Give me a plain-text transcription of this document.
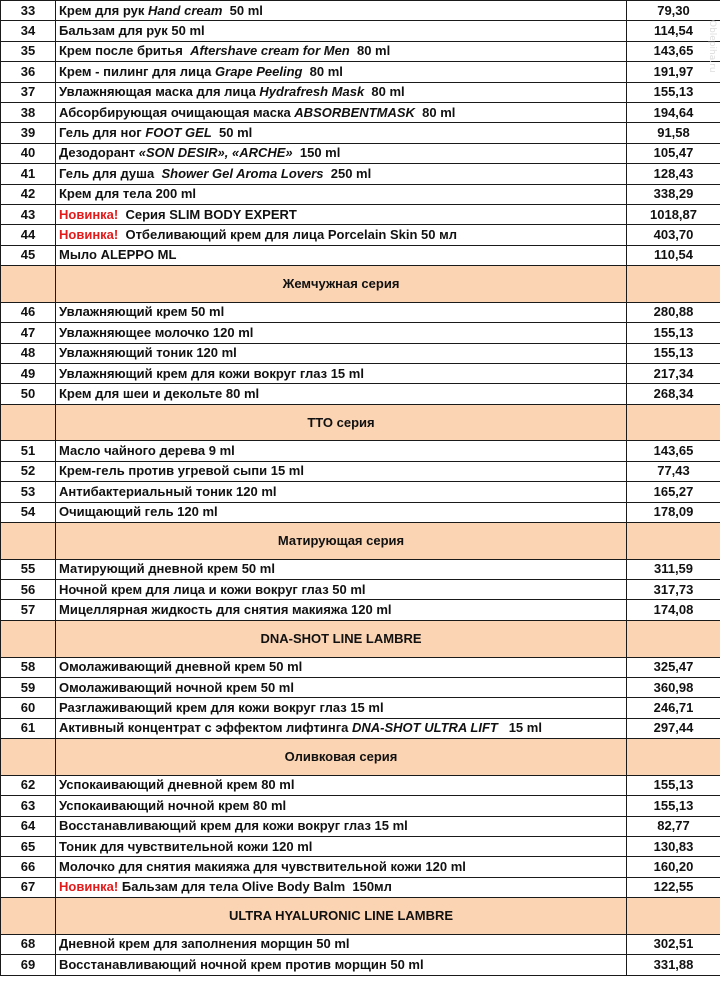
33	Крем для рук Hand cream  50 ml	79,30
34	Бальзам для рук 50 ml	114,54
35	Крем после бритья  Aftershave cream for Men  80 ml	143,65
36	Крем - пилинг для лица Grape Peeling  80 ml	191,97
37	Увлажняющая маска для лица Hydrafresh Mask  80 ml	155,13
38	Абсорбирующая очищающая маска ABSORBENTMASK  80 ml	194,64
39	Гель для ног FOOT GEL  50 ml	91,58
40	Дезодорант «SON DESIR», «ARCHE»  150 ml	105,47
41	Гель для душа  Shower Gel Aroma Lovers  250 ml	128,43
42	Крем для тела 200 ml	338,29
43	Новинка!  Серия SLIM BODY EXPERT	1018,87
44	Новинка!  Отбеливающий крем для лица Porcelain Skin 50 мл	403,70
45	Мыло ALEPPO ML	110,54
	Жемчужная серия	
46	Увлажняющий крем 50 ml	280,88
47	Увлажняющее молочко 120 ml	155,13
48	Увлажняющий тоник 120 ml	155,13
49	Увлажняющий крем для кожи вокруг глаз 15 ml	217,34
50	Крем для шеи и декольте 80 ml	268,34
	ТТО серия	
51	Масло чайного дерева 9 ml	143,65
52	Крем-гель против угревой сыпи 15 ml	77,43
53	Антибактериальный тоник 120 ml	165,27
54	Очищающий гель 120 ml	178,09
	Матирующая серия	
55	Матирующий дневной крем 50 ml	311,59
56	Ночной крем для лица и кожи вокруг глаз 50 ml	317,73
57	Мицеллярная жидкость для снятия макияжа 120 ml	174,08
	DNA-SHOT LINE LAMBRE	
58	Омолаживающий дневной крем 50 ml	325,47
59	Омолаживающий ночной крем 50 ml	360,98
60	Разглаживающий крем для кожи вокруг глаз 15 ml	246,71
61	Активный концентрат с эффектом лифтинга DNA-SHOT ULTRA LIFT   15 ml	297,44
	Оливковая серия	
62	Успокаивающий дневной крем 80 ml	155,13
63	Успокаивающий ночной крем 80 ml	155,13
64	Восстанавливающий крем для кожи вокруг глаз 15 ml	82,77
65	Тоник для чувствительной кожи 120 ml	130,83
66	Молочко для снятия макияжа для чувствительной кожи 120 ml	160,20
67	Новинка! Бальзам для тела Olive Body Balm  150мл	122,55
	ULTRA HYALURONIC LINE LAMBRE	
68	Дневной крем для заполнения морщин 50 ml	302,51
69	Восстанавливающий ночной крем против морщин 50 ml	331,88
Oblepiha.ru
